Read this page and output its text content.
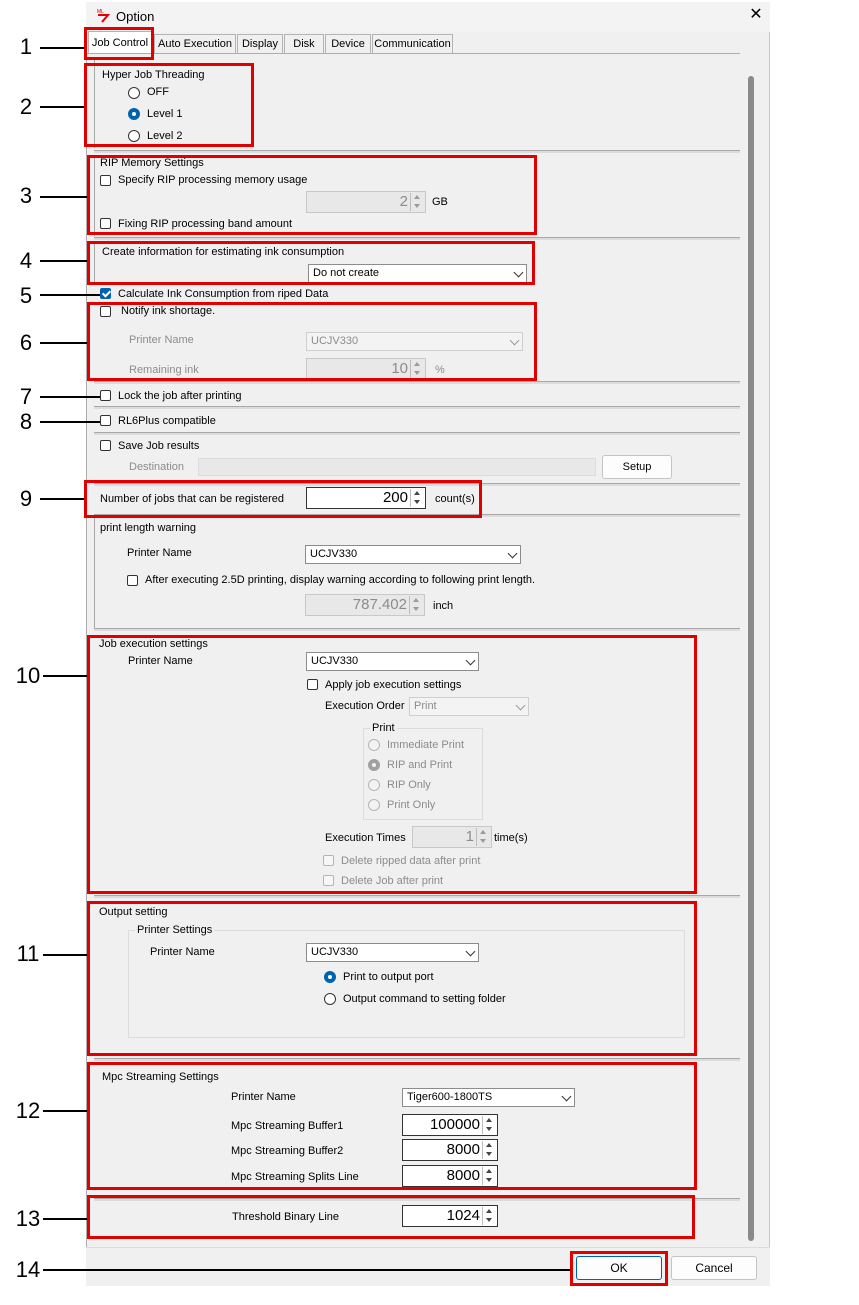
ML Option	✕
Job Control Auto Execution Display	Disk	Device Communication
Hyper Job Threading
OFF
Level 1
Level 2
RIP Memory Settings
Specify RIP processing memory usage
2	GB
Fixing RIP processing band amount
Create information for estimating ink consumption
Do not create
Calculate Ink Consumption from riped Data
Notify ink shortage.
Printer Name	UCJV330
Remaining ink	10	%
Lock the job after printing
RL6Plus compatible
Save Job results
Destination	Setup
Number of jobs that can be registered	200	count(s)
print length warning
Printer Name	UCJV330
After executing 2.5D printing, display warning according to following print length.
787.402	inch
Job execution settings
Printer Name	UCJV330
Apply job execution settings
Execution Order Print
Print
Immediate Print
RIP and Print
RIP Only
Print Only
Execution Times	1	time(s)
Delete ripped data after print
Delete Job after print
Output setting
Printer Settings
Printer Name	UCJV330
Print to output port
Output command to setting folder
Mpc Streaming Settings
Printer Name	Tiger600-1800TS
Mpc Streaming Buffer1	100000
Mpc Streaming Buffer2	8000
Mpc Streaming Splits Line	8000
Threshold Binary Line	1024
OK	Cancel
1
2
3
4
5
6
7
8
9
10
11
12
13
14
